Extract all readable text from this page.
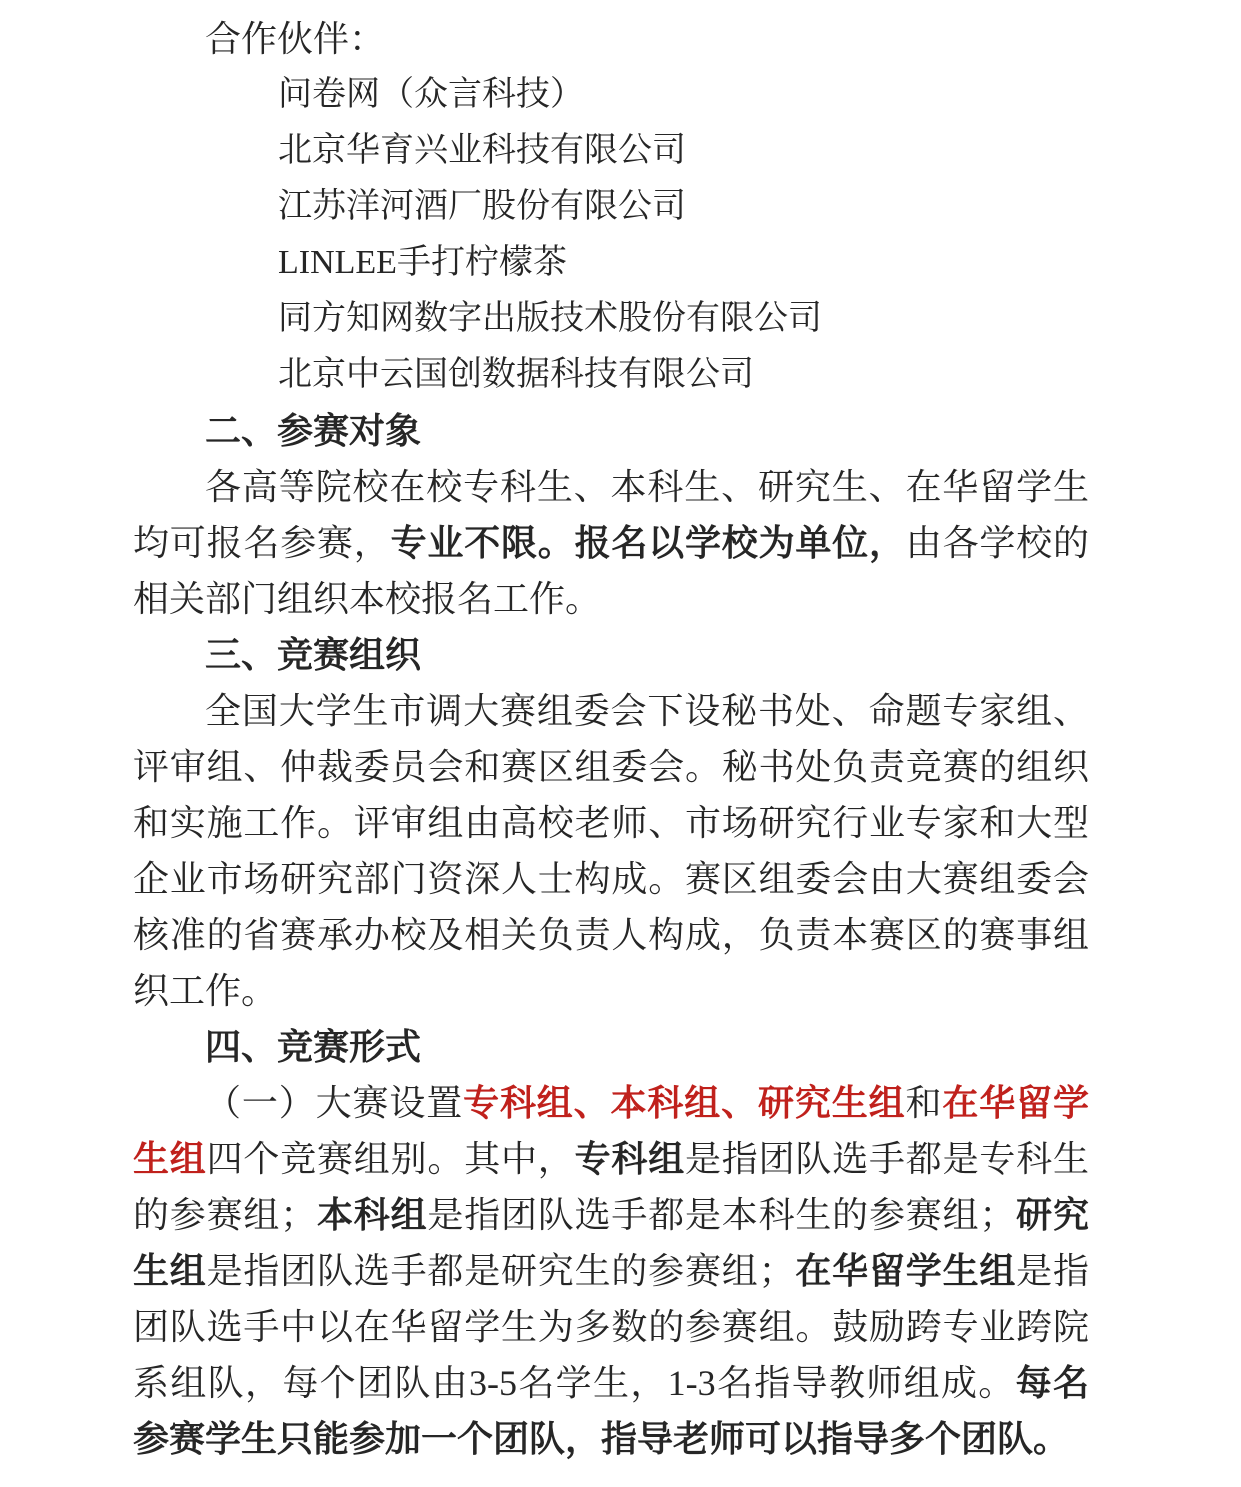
合作伙伴：

问卷网（众言科技）

北京华育兴业科技有限公司

江苏洋河酒厂股份有限公司

LINLEE手打柠檬茶

同方知网数字出版技术股份有限公司

北京中云国创数据科技有限公司

二、参赛对象

各高等院校在校专科生、本科生、研究生、在华留学生均可报名参赛，专业不限。报名以学校为单位，由各学校的相关部门组织本校报名工作。

三、竞赛组织

全国大学生市调大赛组委会下设秘书处、命题专家组、评审组、仲裁委员会和赛区组委会。秘书处负责竞赛的组织和实施工作。评审组由高校老师、市场研究行业专家和大型企业市场研究部门资深人士构成。赛区组委会由大赛组委会核准的省赛承办校及相关负责人构成，负责本赛区的赛事组织工作。

四、竞赛形式

（一）大赛设置专科组、本科组、研究生组和在华留学生组四个竞赛组别。其中，专科组是指团队选手都是专科生的参赛组；本科组是指团队选手都是本科生的参赛组；研究生组是指团队选手都是研究生的参赛组；在华留学生组是指团队选手中以在华留学生为多数的参赛组。鼓励跨专业跨院系组队，每个团队由3-5名学生，1-3名指导教师组成。每名参赛学生只能参加一个团队，指导老师可以指导多个团队。
